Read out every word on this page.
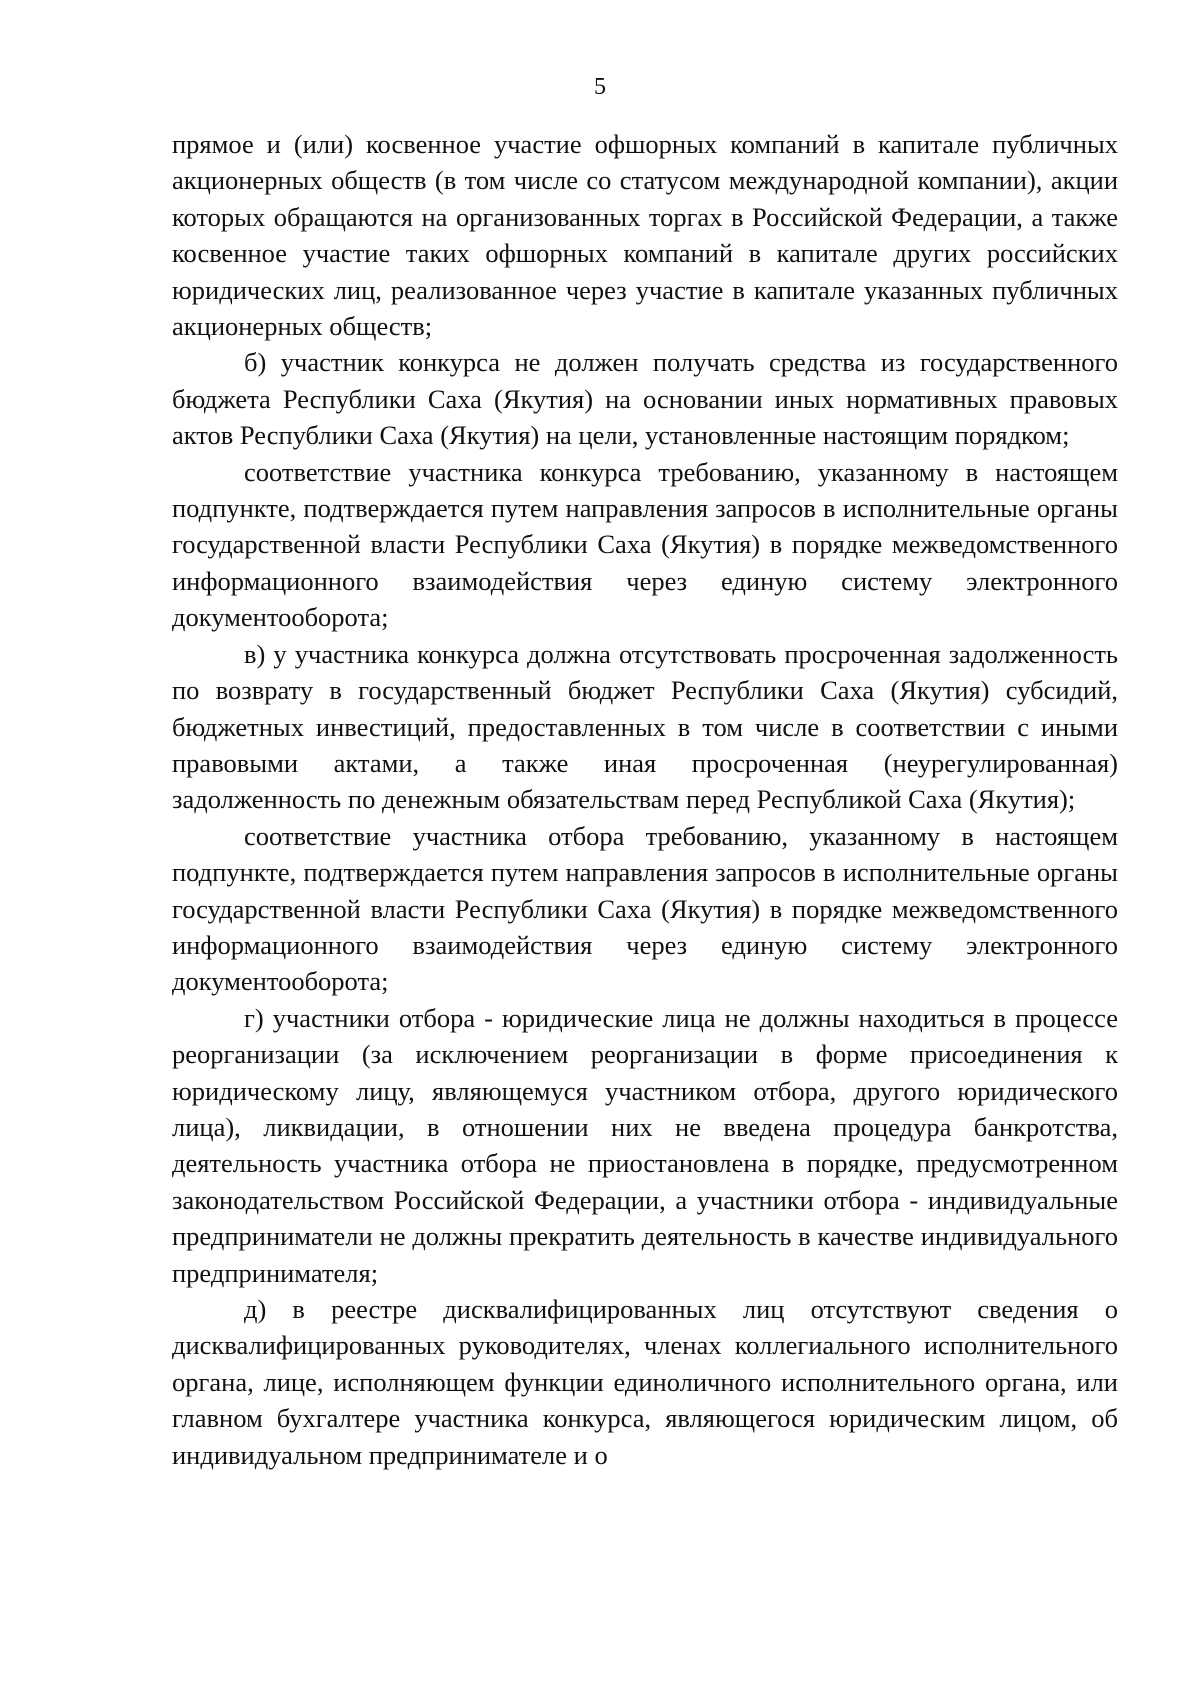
5

прямое и (или) косвенное участие офшорных компаний в капитале публичных акционерных обществ (в том числе со статусом международной компании), акции которых обращаются на организованных торгах в Российской Федерации, а также косвенное участие таких офшорных компаний в капитале других российских юридических лиц, реализованное через участие в капитале указанных публичных акционерных обществ;

б) участник конкурса не должен получать средства из государственного бюджета Республики Саха (Якутия) на основании иных нормативных правовых актов Республики Саха (Якутия) на цели, установленные настоящим порядком;

соответствие участника конкурса требованию, указанному в настоящем подпункте, подтверждается путем направления запросов в исполнительные органы государственной власти Республики Саха (Якутия) в порядке межведомственного информационного взаимодействия через единую систему электронного документооборота;

в) у участника конкурса должна отсутствовать просроченная задолженность по возврату в государственный бюджет Республики Саха (Якутия) субсидий, бюджетных инвестиций, предоставленных в том числе в соответствии с иными правовыми актами, а также иная просроченная (неурегулированная) задолженность по денежным обязательствам перед Республикой Саха (Якутия);

соответствие участника отбора требованию, указанному в настоящем подпункте, подтверждается путем направления запросов в исполнительные органы государственной власти Республики Саха (Якутия) в порядке межведомственного информационного взаимодействия через единую систему электронного документооборота;

г) участники отбора - юридические лица не должны находиться в процессе реорганизации (за исключением реорганизации в форме присоединения к юридическому лицу, являющемуся участником отбора, другого юридического лица), ликвидации, в отношении них не введена процедура банкротства, деятельность участника отбора не приостановлена в порядке, предусмотренном законодательством Российской Федерации, а участники отбора - индивидуальные предприниматели не должны прекратить деятельность в качестве индивидуального предпринимателя;

д) в реестре дисквалифицированных лиц отсутствуют сведения о дисквалифицированных руководителях, членах коллегиального исполнительного органа, лице, исполняющем функции единоличного исполнительного органа, или главном бухгалтере участника конкурса, являющегося юридическим лицом, об индивидуальном предпринимателе и о
